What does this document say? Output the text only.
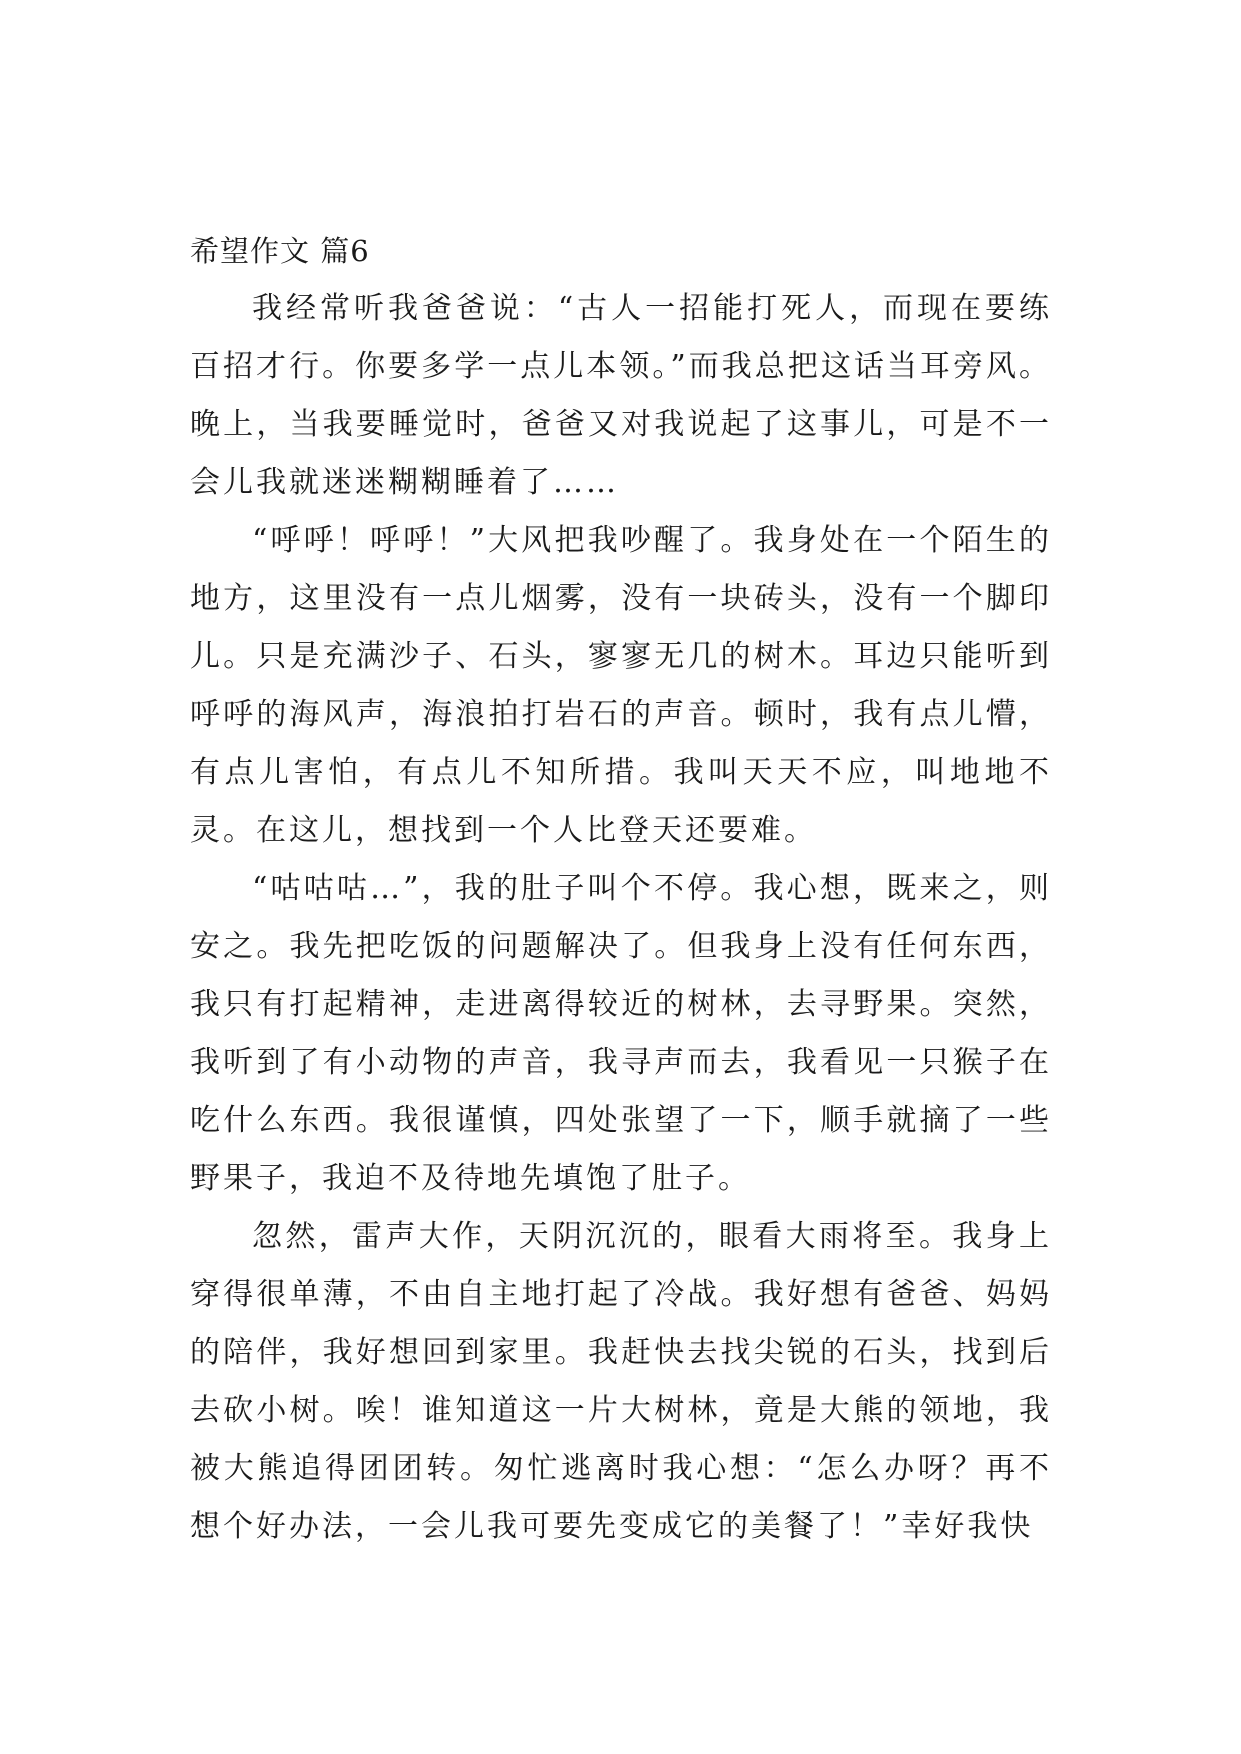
希望作文 篇6

我经常听我爸爸说：“古人一招能打死人，而现在要练百招才行。你要多学一点儿本领。”而我总把这话当耳旁风。晚上，当我要睡觉时，爸爸又对我说起了这事儿，可是不一会儿我就迷迷糊糊睡着了……

“呼呼！呼呼！”大风把我吵醒了。我身处在一个陌生的地方，这里没有一点儿烟雾，没有一块砖头，没有一个脚印儿。只是充满沙子、石头，寥寥无几的树木。耳边只能听到呼呼的海风声，海浪拍打岩石的声音。顿时，我有点儿懵，有点儿害怕，有点儿不知所措。我叫天天不应，叫地地不灵。在这儿，想找到一个人比登天还要难。

“咕咕咕…”，我的肚子叫个不停。我心想，既来之，则安之。我先把吃饭的问题解决了。但我身上没有任何东西，我只有打起精神，走进离得较近的树林，去寻野果。突然，我听到了有小动物的声音，我寻声而去，我看见一只猴子在吃什么东西。我很谨慎，四处张望了一下，顺手就摘了一些野果子，我迫不及待地先填饱了肚子。

忽然，雷声大作，天阴沉沉的，眼看大雨将至。我身上穿得很单薄，不由自主地打起了冷战。我好想有爸爸、妈妈的陪伴，我好想回到家里。我赶快去找尖锐的石头，找到后去砍小树。唉！谁知道这一片大树林，竟是大熊的领地，我被大熊追得团团转。匆忙逃离时我心想：“怎么办呀？再不想个好办法，一会儿我可要先变成它的美餐了！”幸好我快
